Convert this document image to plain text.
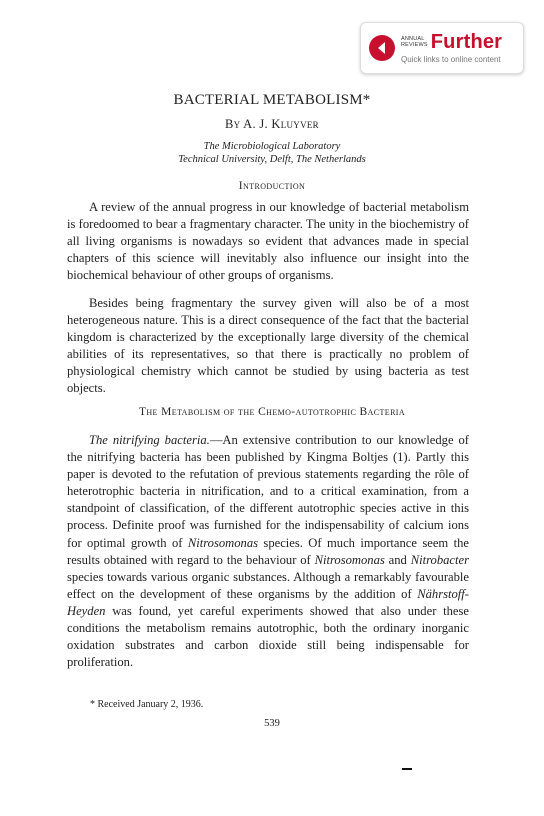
ANNUAL
REVIEWS Further
Quick links to online content
BACTERIAL METABOLISM*
By A. J. Kluyver
The Microbiological Laboratory
Technical University, Delft, The Netherlands
Introduction

A review of the annual progress in our knowledge of bacterial metabolism is foredoomed to bear a fragmentary character. The unity in the biochemistry of all living organisms is nowadays so evident that advances made in special chapters of this science will inevitably also influence our insight into the biochemical behaviour of other groups of organisms.

Besides being fragmentary the survey given will also be of a most heterogeneous nature. This is a direct consequence of the fact that the bacterial kingdom is characterized by the exceptionally large diversity of the chemical abilities of its representatives, so that there is practically no problem of physiological chemistry which cannot be studied by using bacteria as test objects.

The Metabolism of the Chemo-autotrophic Bacteria

The nitrifying bacteria.—An extensive contribution to our knowledge of the nitrifying bacteria has been published by Kingma Boltjes (1). Partly this paper is devoted to the refutation of previous statements regarding the rôle of heterotrophic bacteria in nitrification, and to a critical examination, from a standpoint of classification, of the different autotrophic species active in this process. Definite proof was furnished for the indispensability of calcium ions for optimal growth of Nitrosomonas species. Of much importance seem the results obtained with regard to the behaviour of Nitrosomonas and Nitrobacter species towards various organic substances. Although a remarkably favourable effect on the development of these organisms by the addition of Nährstoff-Heyden was found, yet careful experiments showed that also under these conditions the metabolism remains autotrophic, both the ordinary inorganic oxidation substrates and carbon dioxide still being indispensable for proliferation.

* Received January 2, 1936.
539
